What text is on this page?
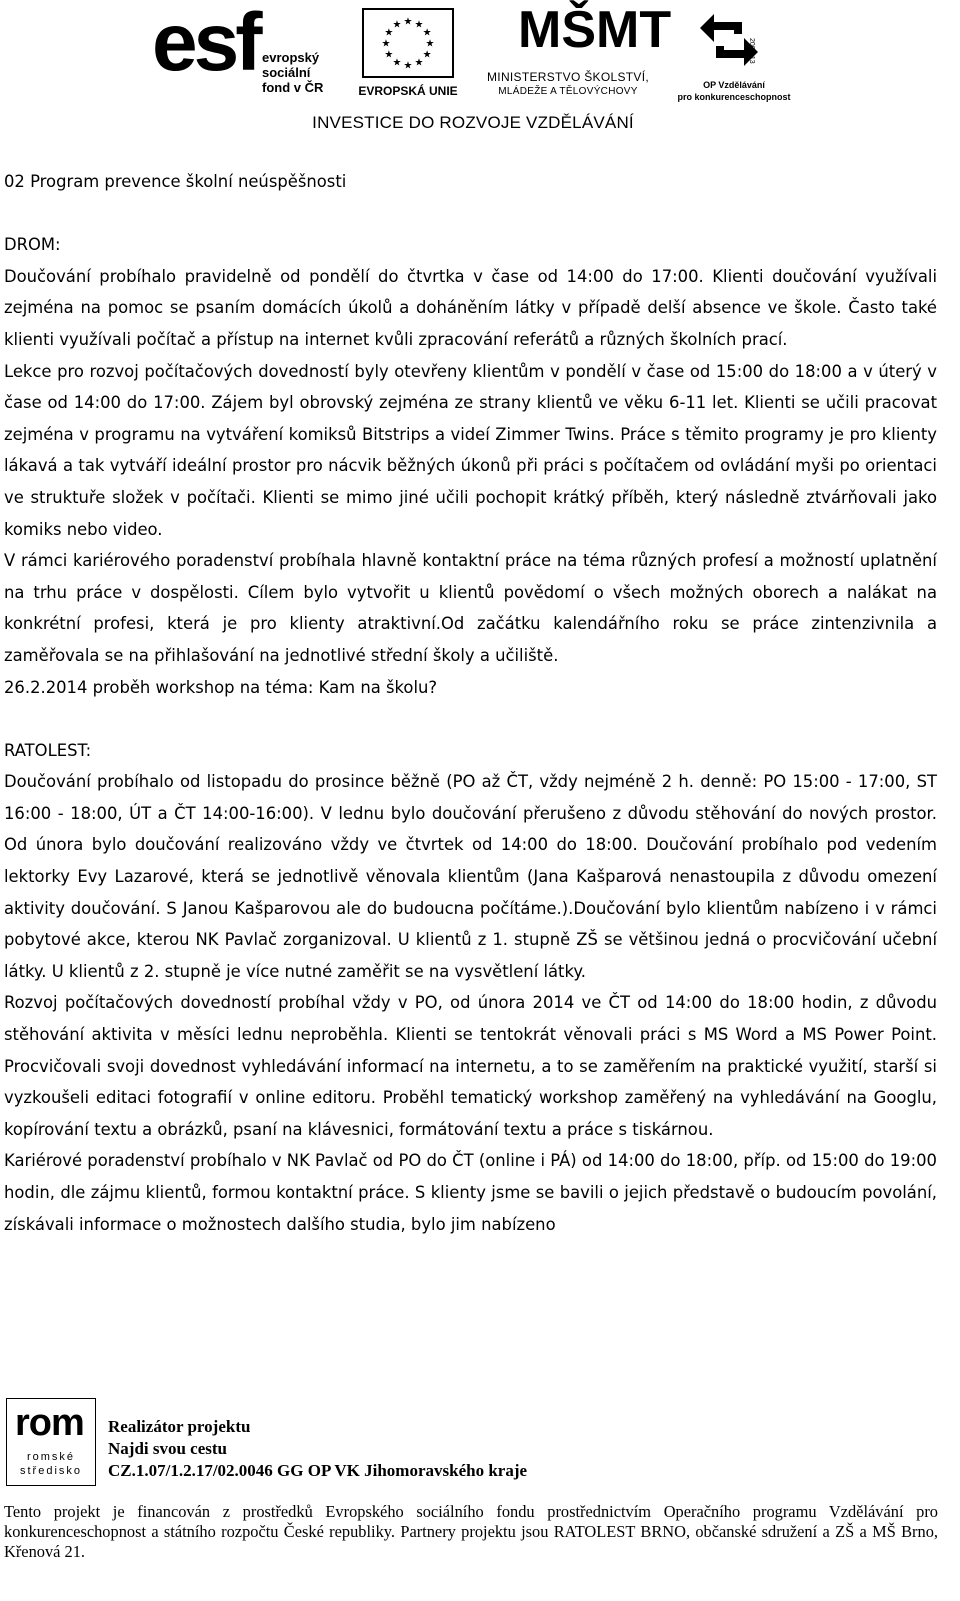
esf evropský
sociální
fond v ČR
★ ★
★
★
★
★
★
★
★
★
★
★
EVROPSKÁ UNIE
MŠMT
MINISTERSTVO ŠKOLSTVÍ,
MLÁDEŽE A TĚLOVÝCHOVY
2007-13
OP Vzdělávání
pro konkurenceschopnost
INVESTICE DO ROZVOJE VZDĚLÁVÁNÍ

02 Program prevence školní neúspěšnosti

DROM:

Doučování probíhalo pravidelně od pondělí do čtvrtka v čase od 14:00 do 17:00. Klienti doučování využívali zejména na pomoc se psaním domácích úkolů a doháněním látky v případě delší absence ve škole. Často také klienti využívali počítač a přístup na internet kvůli zpracování referátů a různých školních prací.

Lekce pro rozvoj počítačových dovedností byly otevřeny klientům v pondělí v čase od 15:00 do 18:00 a v úterý v čase od 14:00 do 17:00. Zájem byl obrovský zejména ze strany klientů ve věku 6-11 let. Klienti se učili pracovat zejména v programu na vytváření komiksů Bitstrips a videí Zimmer Twins. Práce s těmito programy je pro klienty lákavá a tak vytváří ideální prostor pro nácvik běžných úkonů při práci s počítačem od ovládání myši po orientaci ve struktuře složek v počítači. Klienti se mimo jiné učili pochopit krátký příběh, který následně ztvárňovali jako komiks nebo video.

V rámci kariérového poradenství probíhala hlavně kontaktní práce na téma různých profesí a možností uplatnění na trhu práce v dospělosti. Cílem bylo vytvořit u klientů povědomí o všech možných oborech a nalákat na konkrétní profesi, která je pro klienty atraktivní.Od začátku kalendářního roku se práce zintenzivnila a zaměřovala se na přihlašování na jednotlivé střední školy a učiliště.

26.2.2014 proběh workshop na téma: Kam na školu?

RATOLEST:

Doučování probíhalo od listopadu do prosince běžně (PO až ČT, vždy nejméně 2 h. denně: PO 15:00 - 17:00, ST 16:00 - 18:00, ÚT a ČT 14:00-16:00). V lednu bylo doučování přerušeno z důvodu stěhování do nových prostor. Od února bylo doučování realizováno vždy ve čtvrtek od 14:00 do 18:00. Doučování probíhalo pod vedením lektorky Evy Lazarové, která se jednotlivě věnovala klientům (Jana Kašparová nenastoupila z důvodu omezení aktivity doučování. S Janou Kašparovou ale do budoucna počítáme.).Doučování bylo klientům nabízeno i v rámci pobytové akce, kterou NK Pavlač zorganizoval. U klientů z 1. stupně ZŠ se většinou jedná o procvičování učební látky. U klientů z 2. stupně je více nutné zaměřit se na vysvětlení látky.

Rozvoj počítačových dovedností probíhal vždy v PO, od února 2014 ve ČT od 14:00 do 18:00 hodin, z důvodu stěhování aktivita v měsíci lednu neproběhla. Klienti se tentokrát věnovali práci s MS Word a MS Power Point. Procvičovali svoji dovednost vyhledávání informací na internetu, a to se zaměřením na praktické využití, starší si vyzkoušeli editaci fotografií v online editoru. Proběhl tematický workshop zaměřený na vyhledávání na Googlu, kopírování textu a obrázků, psaní na klávesnici, formátování textu a práce s tiskárnou.

Kariérové poradenství probíhalo v NK Pavlač od PO do ČT (online i PÁ) od 14:00 do 18:00, příp. od 15:00 do 19:00 hodin, dle zájmu klientů, formou kontaktní práce. S klienty jsme se bavili o jejich představě o budoucím povolání, získávali informace o možnostech dalšího studia, bylo jim nabízeno

rom
romské
středisko
Realizátor projektu
Najdi svou cestu
CZ.1.07/1.2.17/02.0046 GG OP VK Jihomoravského kraje
Tento projekt je financován z prostředků Evropského sociálního fondu prostřednictvím Operačního programu Vzdělávání pro konkurenceschopnost a státního rozpočtu České republiky. Partnery projektu jsou RATOLEST BRNO, občanské sdružení a ZŠ a MŠ Brno, Křenová 21.
